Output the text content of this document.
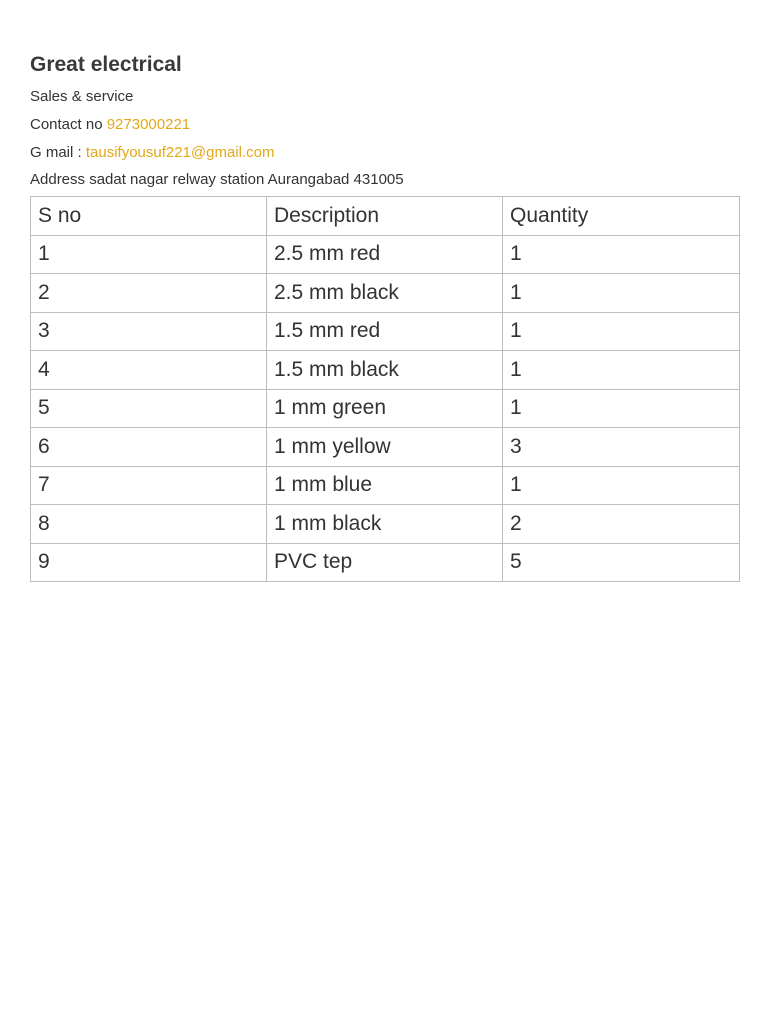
Great electrical
Sales & service
Contact no 9273000221
G mail : tausifyousuf221@gmail.com
Address sadat nagar relway station Aurangabad 431005
S no	Description	Quantity
1	2.5 mm red	1
2	2.5 mm black	1
3	1.5 mm red	1
4	1.5 mm black	1
5	1 mm green	1
6	1 mm yellow	3
7	1 mm blue	1
8	1 mm black	2
9	PVC tep	5
